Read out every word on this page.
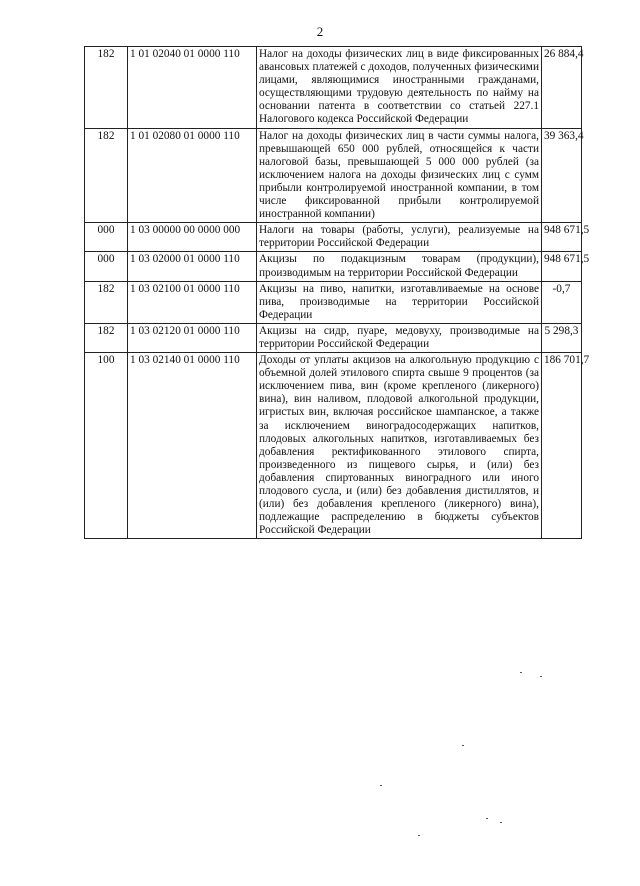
2
182	1 01 02040 01 0000 110	Налог на доходы физических лиц в виде фиксированных авансовых платежей с доходов, полученных физическими лицами, являющимися иностранными гражданами, осуществляющими трудовую деятельность по найму на основании патента в соответствии со статьей 227.1 Налогового кодекса Российской Федерации	26 884,4
182	1 01 02080 01 0000 110	Налог на доходы физических лиц в части суммы налога, превышающей 650 000 рублей, относящейся к части налоговой базы, превышающей 5 000 000 рублей (за исключением налога на доходы физических лиц с сумм прибыли контролируемой иностранной компании, в том числе фиксированной прибыли контролируемой иностранной компании)	39 363,4
000	1 03 00000 00 0000 000	Налоги на товары (работы, услуги), реализуемые на территории Российской Федерации	948 671,5
000	1 03 02000 01 0000 110	Акцизы по подакцизным товарам (продукции), производимым на территории Российской Федерации	948 671,5
182	1 03 02100 01 0000 110	Акцизы на пиво, напитки, изготавливаемые на основе пива, производимые на территории Российской Федерации	-0,7
182	1 03 02120 01 0000 110	Акцизы на сидр, пуаре, медовуху, производимые на территории Российской Федерации	5 298,3
100	1 03 02140 01 0000 110	Доходы от уплаты акцизов на алкогольную продукцию с объемной долей этилового спирта свыше 9 процентов (за исключением пива, вин (кроме крепленого (ликерного) вина), вин наливом, плодовой алкогольной продукции, игристых вин, включая российское шампанское, а также за исключением виноградосодержащих напитков, плодовых алкогольных напитков, изготавливаемых без добавления ректификованного этилового спирта, произведенного из пищевого сырья, и (или) без добавления спиртованных виноградного или иного плодового сусла, и (или) без добавления дистиллятов, и (или) без добавления крепленого (ликерного) вина), подлежащие распределению в бюджеты субъектов Российской Федерации	186 701,7
